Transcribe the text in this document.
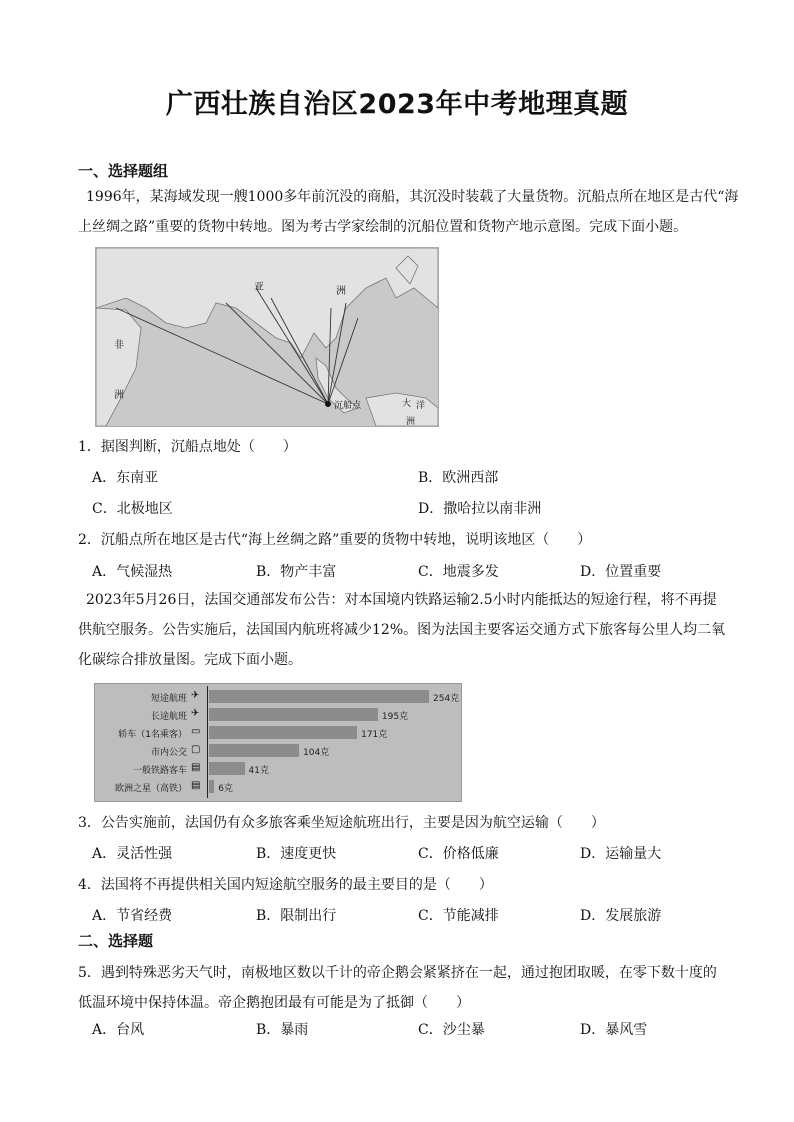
广西壮族自治区2023年中考地理真题
一、选择题组
1996年，某海域发现一艘1000多年前沉没的商船，其沉没时装载了大量货物。沉船点所在地区是古代“海
上丝绸之路”重要的货物中转地。图为考古学家绘制的沉船位置和货物产地示意图。完成下面小题。
亚	洲
非
洲
大 洋
洲
沉船点
1．据图判断，沉船点地处（　　）
A．东南亚	B．欧洲西部
C．北极地区	D．撒哈拉以南非洲
2．沉船点所在地区是古代“海上丝绸之路”重要的货物中转地，说明该地区（　　）
A．气候湿热	B．物产丰富	C．地震多发	D．位置重要
2023年5月26日，法国交通部发布公告：对本国境内铁路运输2.5小时内能抵达的短途行程，将不再提
供航空服务。公告实施后，法国国内航班将减少12%。图为法国主要客运交通方式下旅客每公里人均二氧
化碳综合排放量图。完成下面小题。
短途航班 ✈	254克
长途航班 ✈	195克
轿车（1名乘客） ▭	171克
市内公交 ▢	104克
一般铁路客车 ▤	41克
欧洲之星（高铁） ▤ 6克
3．公告实施前，法国仍有众多旅客乘坐短途航班出行，主要是因为航空运输（　　）
A．灵活性强	B．速度更快	C．价格低廉	D．运输量大
4．法国将不再提供相关国内短途航空服务的最主要目的是（　　）
A．节省经费	B．限制出行	C．节能减排	D．发展旅游
二、选择题
5．遇到特殊恶劣天气时，南极地区数以千计的帝企鹅会紧紧挤在一起，通过抱团取暖，在零下数十度的
低温环境中保持体温。帝企鹅抱团最有可能是为了抵御（　　）
A．台风	B．暴雨	C．沙尘暴	D．暴风雪
